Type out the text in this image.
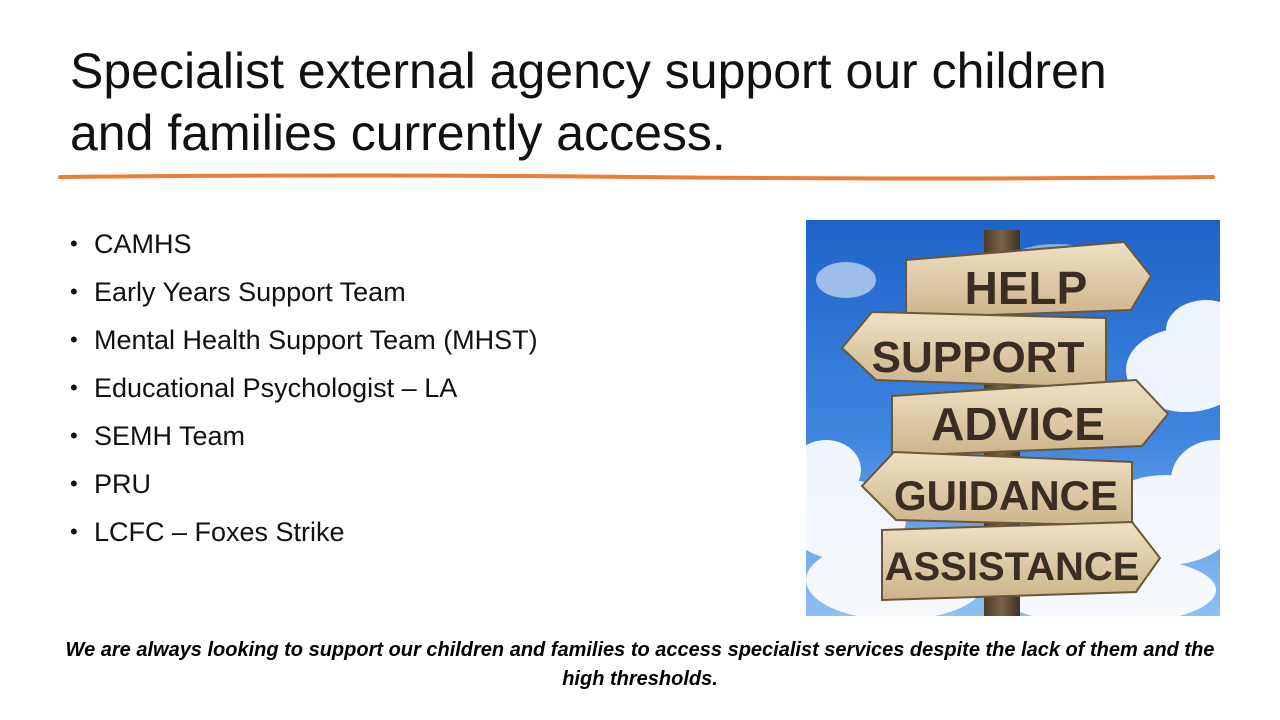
Specialist external agency support our children
and families currently access.
• CAMHS
• Early Years Support Team
• Mental Health Support Team (MHST)
• Educational Psychologist – LA
• SEMH Team
• PRU
• LCFC – Foxes Strike
HELP
SUPPORT
ADVICE
GUIDANCE
ASSISTANCE

We are always looking to support our children and families to access specialist services despite the lack of them and the high thresholds.
